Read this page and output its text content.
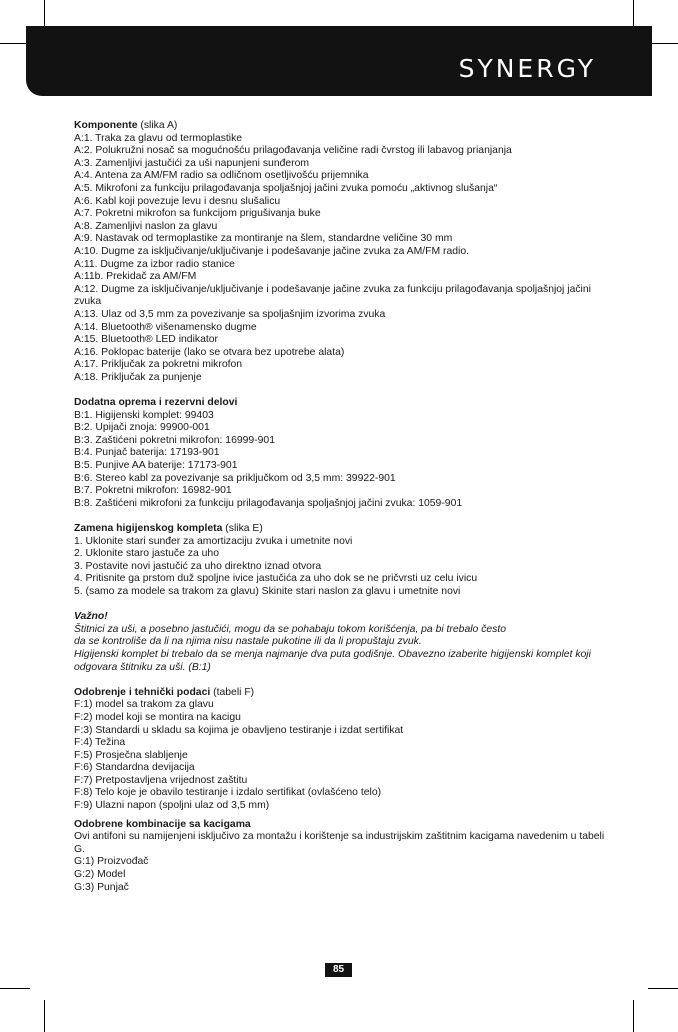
SYNERGY

Komponente (slika A)

A:1. Traka za glavu od termoplastike

A:2. Polukružni nosač sa mogućnošću prilagođavanja veličine radi čvrstog ili labavog prianjanja

A:3. Zamenljivi jastučići za uši napunjeni sunđerom

A:4. Antena za AM/FM radio sa odličnom osetljivošću prijemnika

A:5. Mikrofoni za funkciju prilagođavanja spoljašnjoj jačini zvuka pomoću „aktivnog slušanja“

A:6. Kabl koji povezuje levu i desnu slušalicu

A:7. Pokretni mikrofon sa funkcijom prigušivanja buke

A:8. Zamenljivi naslon za glavu

A:9. Nastavak od termoplastike za montiranje na šlem, standardne veličine 30 mm

A:10. Dugme za isključivanje/uključivanje i podešavanje jačine zvuka za AM/FM radio.

A:11. Dugme za izbor radio stanice

A:11b. Prekidač za AM/FM

A:12. Dugme za isključivanje/uključivanje i podešavanje jačine zvuka za funkciju prilagođavanja spoljašnjoj jačini zvuka

A:13. Ulaz od 3,5 mm za povezivanje sa spoljašnjim izvorima zvuka

A:14. Bluetooth® višenamensko dugme

A:15. Bluetooth® LED indikator

A:16. Poklopac baterije (lako se otvara bez upotrebe alata)

A:17. Priključak za pokretni mikrofon

A:18. Priključak za punjenje

Dodatna oprema i rezervni delovi

B:1. Higijenski komplet: 99403

B:2. Upijači znoja: 99900-001

B:3. Zaštićeni pokretni mikrofon: 16999-901

B:4. Punjač baterija: 17193-901

B:5. Punjive AA baterije: 17173-901

B:6. Stereo kabl za povezivanje sa priključkom od 3,5 mm: 39922-901

B:7. Pokretni mikrofon: 16982-901

B:8. Zaštićeni mikrofoni za funkciju prilagođavanja spoljašnjoj jačini zvuka: 1059-901

Zamena higijenskog kompleta (slika E)

1. Uklonite stari sunđer za amortizaciju zvuka i umetnite novi

2. Uklonite staro jastuče za uho

3. Postavite novi jastučić za uho direktno iznad otvora

4. Pritisnite ga prstom duž spoljne ivice jastučića za uho dok se ne pričvrsti uz celu ivicu

5. (samo za modele sa trakom za glavu) Skinite stari naslon za glavu i umetnite novi

Važno!

Štitnici za uši, a posebno jastučići, mogu da se pohabaju tokom korišćenja, pa bi trebalo često

da se kontroliše da li na njima nisu nastale pukotine ili da li propuštaju zvuk.

Higijenski komplet bi trebalo da se menja najmanje dva puta godišnje. Obavezno izaberite higijenski komplet koji odgovara štitniku za uši. (B:1)

Odobrenje i tehnički podaci (tabeli F)

F:1) model sa trakom za glavu

F:2) model koji se montira na kacigu

F:3) Standardi u skladu sa kojima je obavljeno testiranje i izdat sertifikat

F:4) Težina

F:5) Prosječna slabljenje

F:6) Standardna devijacija

F:7) Pretpostavljena vrijednost zaštitu

F:8) Telo koje je obavilo testiranje i izdalo sertifikat (ovlašćeno telo)

F:9) Ulazni napon (spoljni ulaz od 3,5 mm)

Odobrene kombinacije sa kacigama

Ovi antifoni su namijenjeni isključivo za montažu i korištenje sa industrijskim zaštitnim kacigama navedenim u tabeli G.

G:1) Proizvođač

G:2) Model

G:3) Punjač

85
